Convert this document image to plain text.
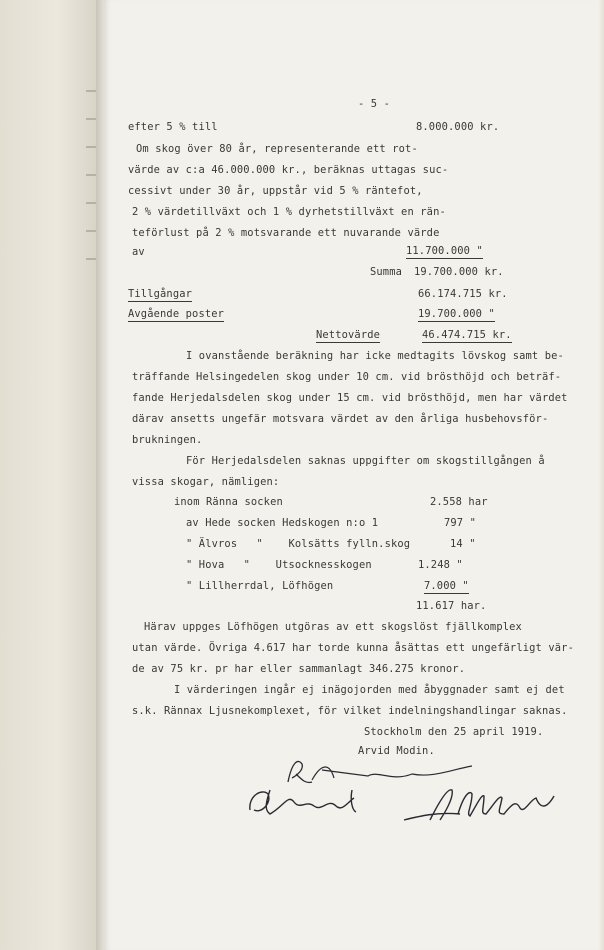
- 5 -
efter 5 % till	8.000.000 kr.
Om skog över 80 år, representerande ett rot-
värde av c:a 46.000.000 kr., beräknas uttagas suc-
cessivt under 30 år, uppstår vid 5 % räntefot,
2 % värdetillväxt och 1 % dyrhetstillväxt en rän-
teförlust på 2 % motsvarande ett nuvarande värde
av	11.700.000 "
Summa 19.700.000 kr.
Tillgångar	66.174.715 kr.
Avgående poster	19.700.000 "
Nettovärde	46.474.715 kr.
I ovanstående beräkning har icke medtagits lövskog samt be-
träffande Helsingedelen skog under 10 cm. vid brösthöjd och beträf-
fande Herjedalsdelen skog under 15 cm. vid brösthöjd, men har värdet
därav ansetts ungefär motsvara värdet av den årliga husbehovsför-
brukningen.
För Herjedalsdelen saknas uppgifter om skogstillgången å
vissa skogar, nämligen:
inom Ränna socken	2.558 har
av Hede socken Hedskogen n:o 1	797 "
" Älvros   "    Kolsätts fylln.skog	14 "
" Hova   "    Utsocknesskogen	1.248 "
" Lillherrdal, Löfhögen	7.000 "
11.617 har.
Härav uppges Löfhögen utgöras av ett skogslöst fjällkomplex
utan värde. Övriga 4.617 har torde kunna åsättas ett ungefärligt vär-
de av 75 kr. pr har eller sammanlagt 346.275 kronor.
I värderingen ingår ej inägojorden med åbyggnader samt ej det
s.k. Rännax Ljusnekomplexet, för vilket indelningshandlingar saknas.
Stockholm den 25 april 1919.
Arvid Modin.
